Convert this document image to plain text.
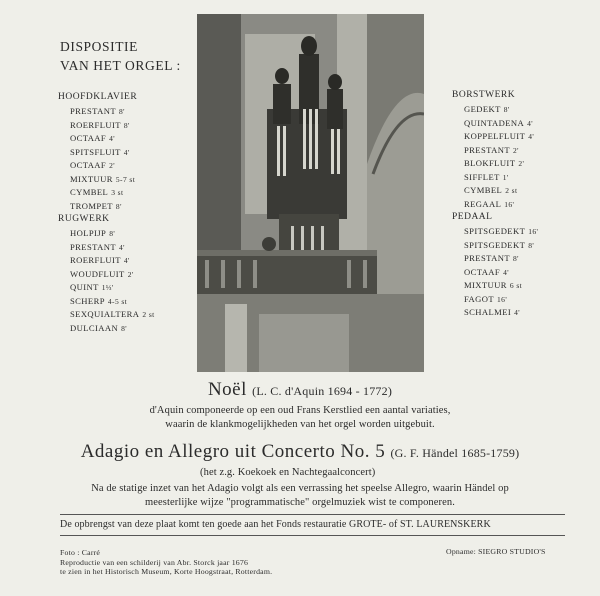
DISPOSITIE
VAN HET ORGEL :
HOOFDKLAVIER
PRESTANT 8'
ROERFLUIT 8'
OCTAAF 4'
SPITSFLUIT 4'
OCTAAF 2'
MIXTUUR 5-7 st
CYMBEL 3 st
TROMPET 8'
RUGWERK
HOLPIJP 8'
PRESTANT 4'
ROERFLUIT 4'
WOUDFLUIT 2'
QUINT 1⅓'
SCHERP 4-5 st
SEXQUIALTERA 2 st
DULCIAAN 8'
BORSTWERK
GEDEKT 8'
QUINTADENA 4'
KOPPELFLUIT 4'
PRESTANT 2'
BLOKFLUIT 2'
SIFFLET 1'
CYMBEL 2 st
REGAAL 16'
PEDAAL
SPITSGEDEKT 16'
SPITSGEDEKT 8'
PRESTANT 8'
OCTAAF 4'
MIXTUUR 6 st
FAGOT 16'
SCHALMEI 4'
Noël (L. C. d'Aquin 1694 - 1772)
d'Aquin componeerde op een oud Frans Kerstlied een aantal variaties,
waarin de klankmogelijkheden van het orgel worden uitgebuit.
Adagio en Allegro uit Concerto No. 5 (G. F. Händel 1685-1759)
(het z.g. Koekoek en Nachtegaalconcert)
Na de statige inzet van het Adagio volgt als een verrassing het speelse Allegro, waarin Händel op
meesterlijke wijze "programmatische" orgelmuziek wist te componeren.
De opbrengst van deze plaat komt ten goede aan het Fonds restauratie GROTE- of ST. LAURENSKERK
Foto : Carré
Reproductie van een schilderij van Abr. Storck jaar 1676
te zien in het Historisch Museum, Korte Hoogstraat, Rotterdam.
Opname: SIEGRO STUDIO'S
